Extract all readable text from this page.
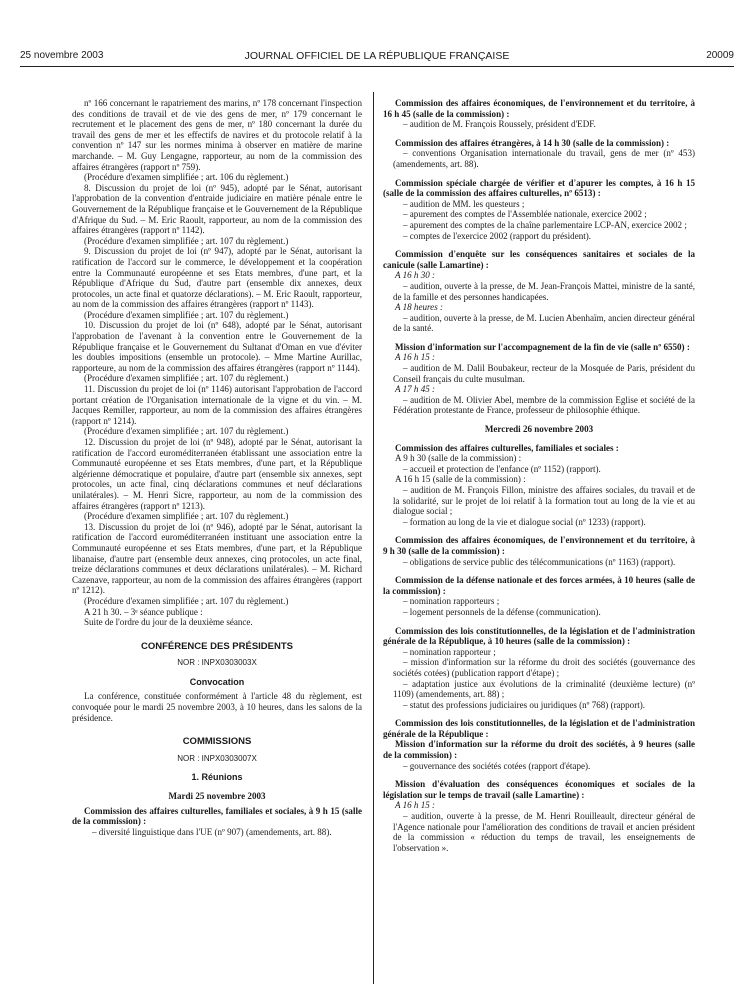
25 novembre 2003	JOURNAL OFFICIEL DE LA RÉPUBLIQUE FRANÇAISE	20009

nº 166 concernant le rapatriement des marins, nº 178 concernant l'inspection des conditions de travail et de vie des gens de mer, nº 179 concernant le recrutement et le placement des gens de mer, nº 180 concernant la durée du travail des gens de mer et les effectifs de navires et du protocole relatif à la convention nº 147 sur les normes minima à observer en matière de marine marchande. – M. Guy Lengagne, rapporteur, au nom de la commission des affaires étrangères (rapport nº 759).

(Procédure d'examen simplifiée ; art. 106 du règlement.)

8. Discussion du projet de loi (nº 945), adopté par le Sénat, autorisant l'approbation de la convention d'entraide judiciaire en matière pénale entre le Gouvernement de la République française et le Gouvernement de la République d'Afrique du Sud. – M. Eric Raoult, rapporteur, au nom de la commission des affaires étrangères (rapport nº 1142).

(Procédure d'examen simplifiée ; art. 107 du règlement.)

9. Discussion du projet de loi (nº 947), adopté par le Sénat, autorisant la ratification de l'accord sur le commerce, le développement et la coopération entre la Communauté européenne et ses Etats membres, d'une part, et la République d'Afrique du Sud, d'autre part (ensemble dix annexes, deux protocoles, un acte final et quatorze déclarations). – M. Eric Raoult, rapporteur, au nom de la commission des affaires étrangères (rapport nº 1143).

(Procédure d'examen simplifiée ; art. 107 du règlement.)

10. Discussion du projet de loi (nº 648), adopté par le Sénat, autorisant l'approbation de l'avenant à la convention entre le Gouvernement de la République française et le Gouvernement du Sultanat d'Oman en vue d'éviter les doubles impositions (ensemble un protocole). – Mme Martine Aurillac, rapporteure, au nom de la commission des affaires étrangères (rapport nº 1144).

(Procédure d'examen simplifiée ; art. 107 du règlement.)

11. Discussion du projet de loi (nº 1146) autorisant l'approbation de l'accord portant création de l'Organisation internationale de la vigne et du vin. – M. Jacques Remiller, rapporteur, au nom de la commission des affaires étrangères (rapport nº 1214).

(Procédure d'examen simplifiée ; art. 107 du règlement.)

12. Discussion du projet de loi (nº 948), adopté par le Sénat, autorisant la ratification de l'accord euroméditerranéen établissant une association entre la Communauté européenne et ses Etats membres, d'une part, et la République algérienne démocratique et populaire, d'autre part (ensemble six annexes, sept protocoles, un acte final, cinq déclarations communes et neuf déclarations unilatérales). – M. Henri Sicre, rapporteur, au nom de la commission des affaires étrangères (rapport nº 1213).

(Procédure d'examen simplifiée ; art. 107 du règlement.)

13. Discussion du projet de loi (nº 946), adopté par le Sénat, autorisant la ratification de l'accord euroméditerranéen instituant une association entre la Communauté européenne et ses Etats membres, d'une part, et la République libanaise, d'autre part (ensemble deux annexes, cinq protocoles, un acte final, treize déclarations communes et deux déclarations unilatérales). – M. Richard Cazenave, rapporteur, au nom de la commission des affaires étrangères (rapport nº 1212).

(Procédure d'examen simplifiée ; art. 107 du règlement.)

A 21 h 30. – 3ᵉ séance publique :

Suite de l'ordre du jour de la deuxième séance.

CONFÉRENCE DES PRÉSIDENTS

NOR : INPX0303003X

Convocation

La conférence, constituée conformément à l'article 48 du règlement, est convoquée pour le mardi 25 novembre 2003, à 10 heures, dans les salons de la présidence.

COMMISSIONS

NOR : INPX0303007X

1. Réunions

Mardi 25 novembre 2003

Commission des affaires culturelles, familiales et sociales, à 9 h 15 (salle de la commission) :

– diversité linguistique dans l'UE (nº 907) (amendements, art. 88).

Commission des affaires économiques, de l'environnement et du territoire, à 16 h 45 (salle de la commission) :

– audition de M. François Roussely, président d'EDF.

Commission des affaires étrangères, à 14 h 30 (salle de la commission) :

– conventions Organisation internationale du travail, gens de mer (nº 453) (amendements, art. 88).

Commission spéciale chargée de vérifier et d'apurer les comptes, à 16 h 15 (salle de la commission des affaires culturelles, nº 6513) :

– audition de MM. les questeurs ;

– apurement des comptes de l'Assemblée nationale, exercice 2002 ;

– apurement des comptes de la chaîne parlementaire LCP-AN, exercice 2002 ;

– comptes de l'exercice 2002 (rapport du président).

Commission d'enquête sur les conséquences sanitaires et sociales de la canicule (salle Lamartine) :

A 16 h 30 :

– audition, ouverte à la presse, de M. Jean-François Mattei, ministre de la santé, de la famille et des personnes handicapées.

A 18 heures :

– audition, ouverte à la presse, de M. Lucien Abenhaïm, ancien directeur général de la santé.

Mission d'information sur l'accompagnement de la fin de vie (salle nº 6550) :

A 16 h 15 :

– audition de M. Dalil Boubakeur, recteur de la Mosquée de Paris, président du Conseil français du culte musulman.

A 17 h 45 :

– audition de M. Olivier Abel, membre de la commission Eglise et société de la Fédération protestante de France, professeur de philosophie éthique.

Mercredi 26 novembre 2003

Commission des affaires culturelles, familiales et sociales :

A 9 h 30 (salle de la commission) :

– accueil et protection de l'enfance (nº 1152) (rapport).

A 16 h 15 (salle de la commission) :

– audition de M. François Fillon, ministre des affaires sociales, du travail et de la solidarité, sur le projet de loi relatif à la formation tout au long de la vie et au dialogue social ;

– formation au long de la vie et dialogue social (nº 1233) (rapport).

Commission des affaires économiques, de l'environnement et du territoire, à 9 h 30 (salle de la commission) :

– obligations de service public des télécommunications (nº 1163) (rapport).

Commission de la défense nationale et des forces armées, à 10 heures (salle de la commission) :

– nomination rapporteurs ;

– logement personnels de la défense (communication).

Commission des lois constitutionnelles, de la législation et de l'administration générale de la République, à 10 heures (salle de la commission) :

– nomination rapporteur ;

– mission d'information sur la réforme du droit des sociétés (gouvernance des sociétés cotées) (publication rapport d'étape) ;

– adaptation justice aux évolutions de la criminalité (deuxième lecture) (nº 1109) (amendements, art. 88) ;

– statut des professions judiciaires ou juridiques (nº 768) (rapport).

Commission des lois constitutionnelles, de la législation et de l'administration générale de la République :

Mission d'information sur la réforme du droit des sociétés, à 9 heures (salle de la commission) :

– gouvernance des sociétés cotées (rapport d'étape).

Mission d'évaluation des conséquences économiques et sociales de la législation sur le temps de travail (salle Lamartine) :

A 16 h 15 :

– audition, ouverte à la presse, de M. Henri Rouilleault, directeur général de l'Agence nationale pour l'amélioration des conditions de travail et ancien président de la commission « réduction du temps de travail, les enseignements de l'observation ».
